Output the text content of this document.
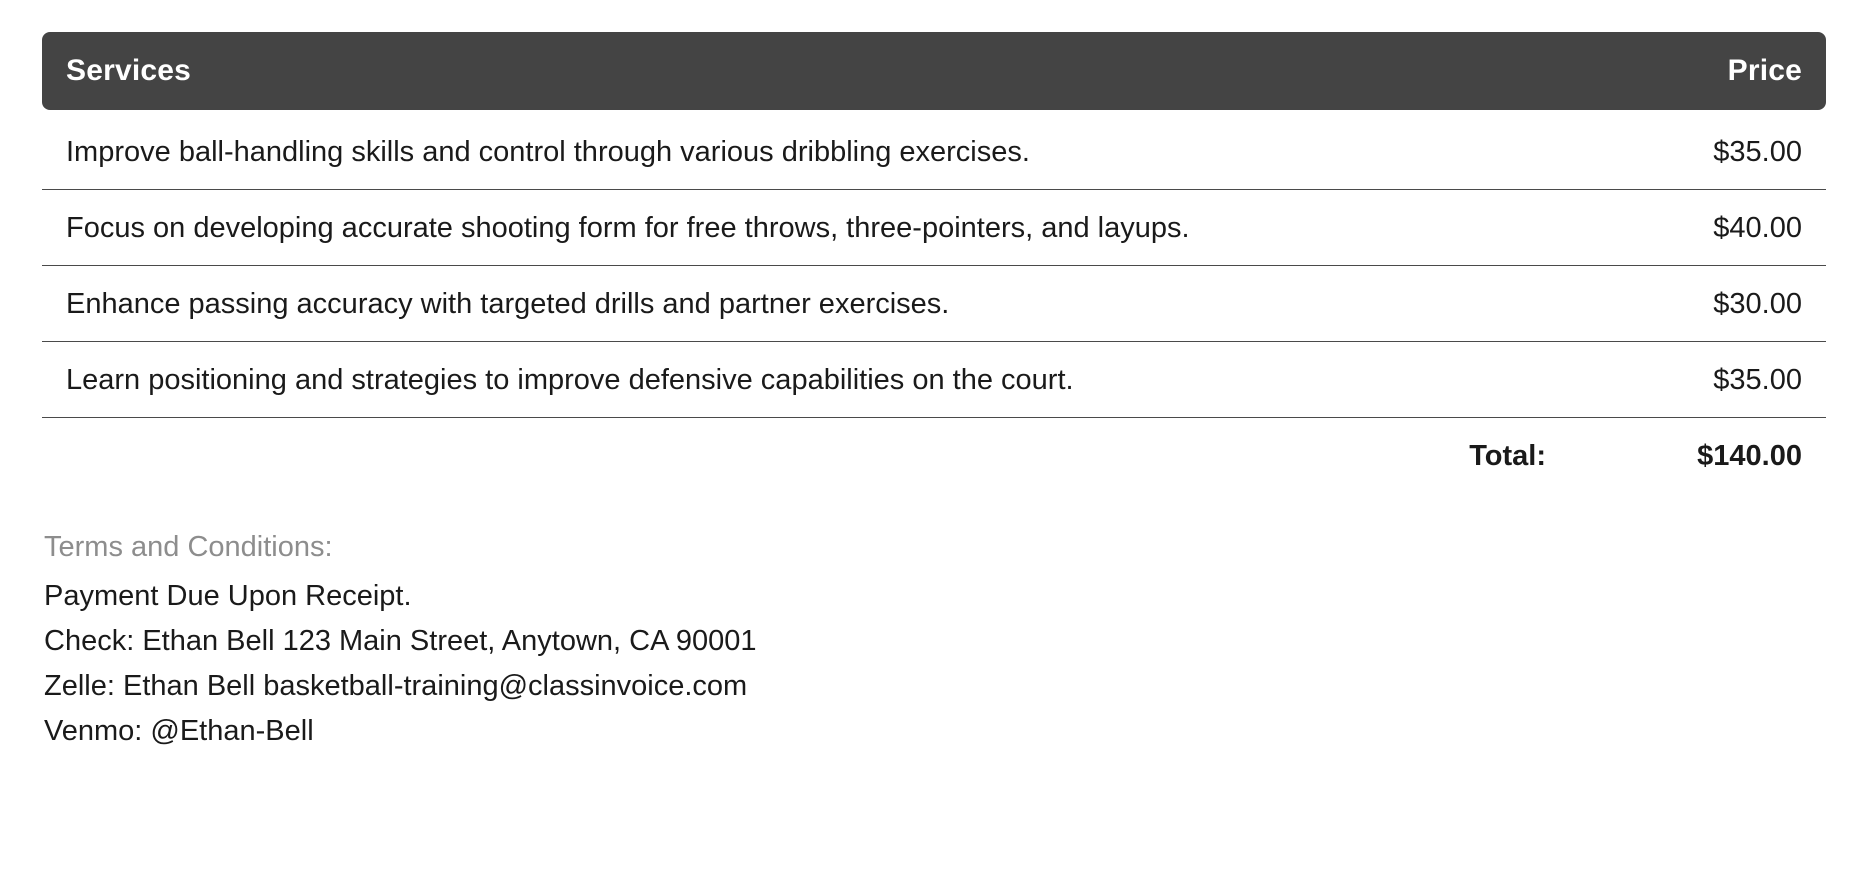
Services	Price
Improve ball-handling skills and control through various dribbling exercises.	$35.00
Focus on developing accurate shooting form for free throws, three-pointers, and layups.	$40.00
Enhance passing accuracy with targeted drills and partner exercises.	$30.00
Learn positioning and strategies to improve defensive capabilities on the court.	$35.00
Total:	$140.00
Terms and Conditions:
Payment Due Upon Receipt.
Check: Ethan Bell 123 Main Street, Anytown, CA 90001
Zelle: Ethan Bell basketball-training@classinvoice.com
Venmo: @Ethan-Bell
